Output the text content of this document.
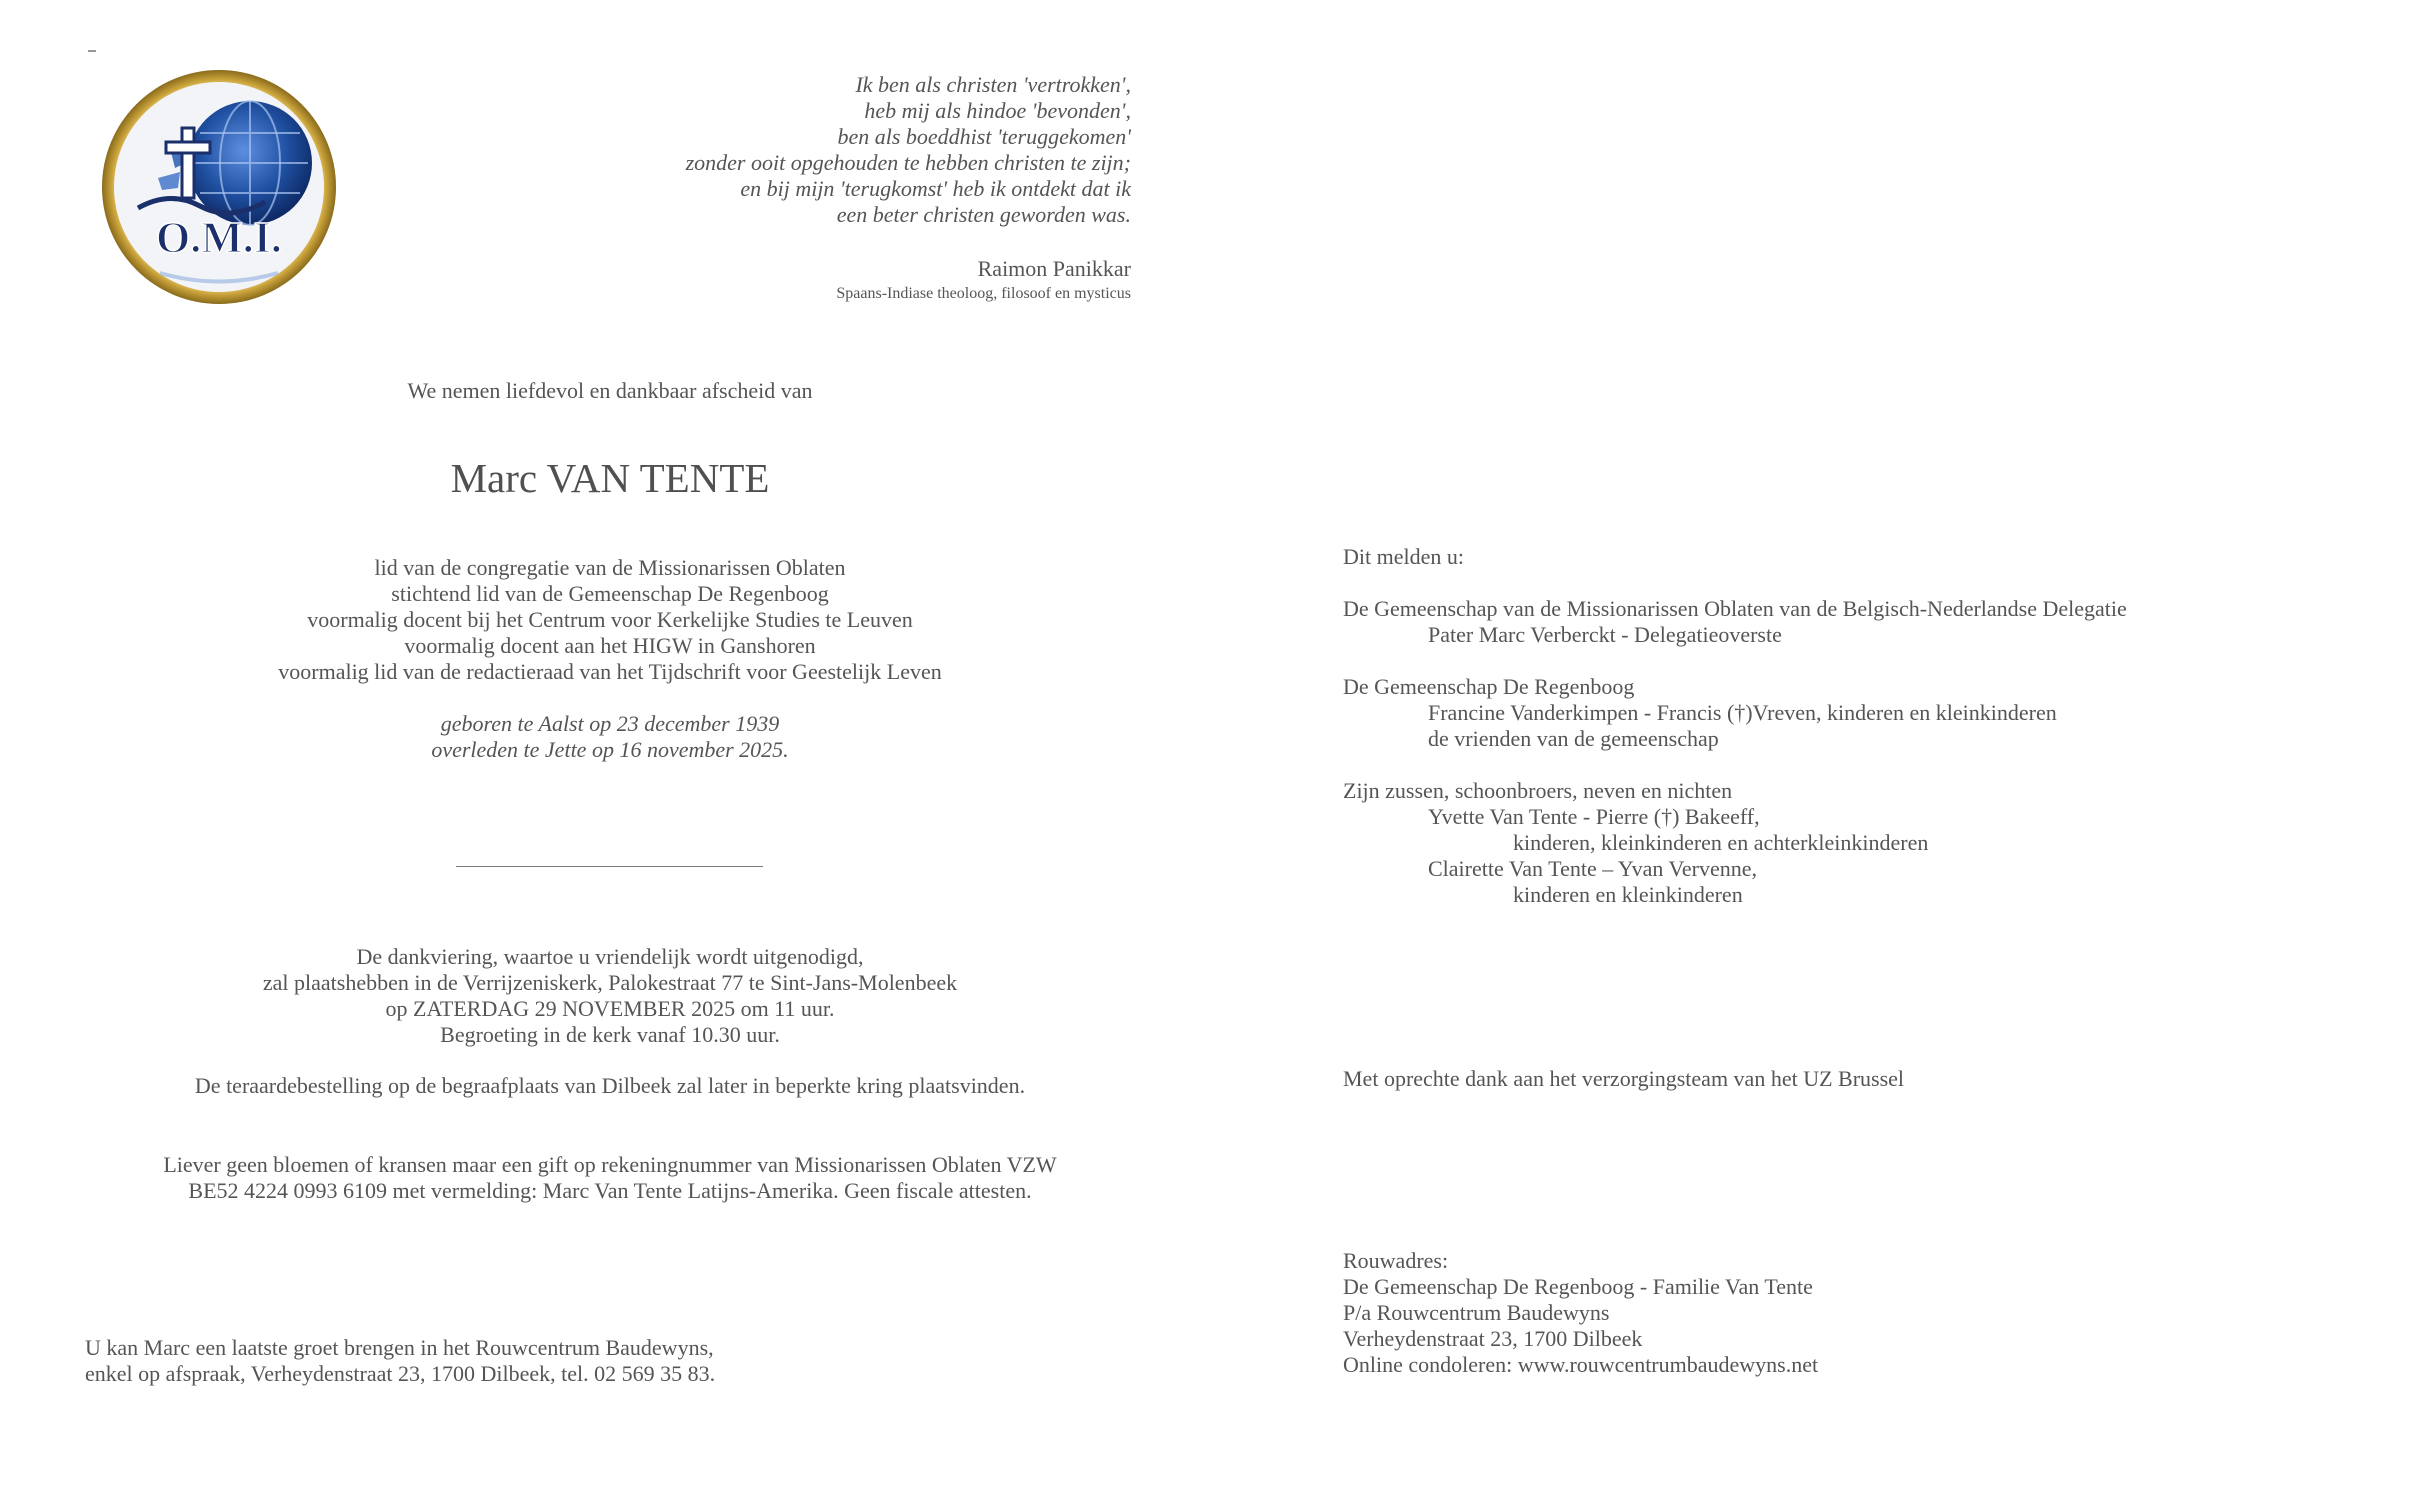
O.M.I.
Ik ben als christen 'vertrokken',
heb mij als hindoe 'bevonden',
ben als boeddhist 'teruggekomen'
zonder ooit opgehouden te hebben christen te zijn;
en bij mijn 'terugkomst' heb ik ontdekt dat ik
een beter christen geworden was.
Raimon Panikkar
Spaans-Indiase theoloog, filosoof en mysticus
We nemen liefdevol en dankbaar afscheid van
Marc VAN TENTE
lid van de congregatie van de Missionarissen Oblaten
stichtend lid van de Gemeenschap De Regenboog
voormalig docent bij het Centrum voor Kerkelijke Studies te Leuven
voormalig docent aan het HIGW in Ganshoren
voormalig lid van de redactieraad van het Tijdschrift voor Geestelijk Leven
geboren te Aalst op 23 december 1939
overleden te Jette op 16 november 2025.
De dankviering, waartoe u vriendelijk wordt uitgenodigd,
zal plaatshebben in de Verrijzeniskerk, Palokestraat 77 te Sint-Jans-Molenbeek
op ZATERDAG 29 NOVEMBER 2025 om 11 uur.
Begroeting in de kerk vanaf 10.30 uur.
De teraardebestelling op de begraafplaats van Dilbeek zal later in beperkte kring plaatsvinden.
Liever geen bloemen of kransen maar een gift op rekeningnummer van Missionarissen Oblaten VZW
BE52 4224 0993 6109 met vermelding: Marc Van Tente Latijns-Amerika. Geen fiscale attesten.
U kan Marc een laatste groet brengen in het Rouwcentrum Baudewyns,
enkel op afspraak, Verheydenstraat 23, 1700 Dilbeek, tel. 02 569 35 83.
Dit melden u:
De Gemeenschap van de Missionarissen Oblaten van de Belgisch-Nederlandse Delegatie
Pater Marc Verberckt - Delegatieoverste
De Gemeenschap De Regenboog
Francine Vanderkimpen - Francis (†)Vreven, kinderen en kleinkinderen
de vrienden van de gemeenschap
Zijn zussen, schoonbroers, neven en nichten
Yvette Van Tente - Pierre (†) Bakeeff,
kinderen, kleinkinderen en achterkleinkinderen
Clairette Van Tente – Yvan Vervenne,
kinderen en kleinkinderen
Met oprechte dank aan het verzorgingsteam van het UZ Brussel
Rouwadres:
De Gemeenschap De Regenboog - Familie Van Tente
P/a Rouwcentrum Baudewyns
Verheydenstraat 23, 1700 Dilbeek
Online condoleren: www.rouwcentrumbaudewyns.net
